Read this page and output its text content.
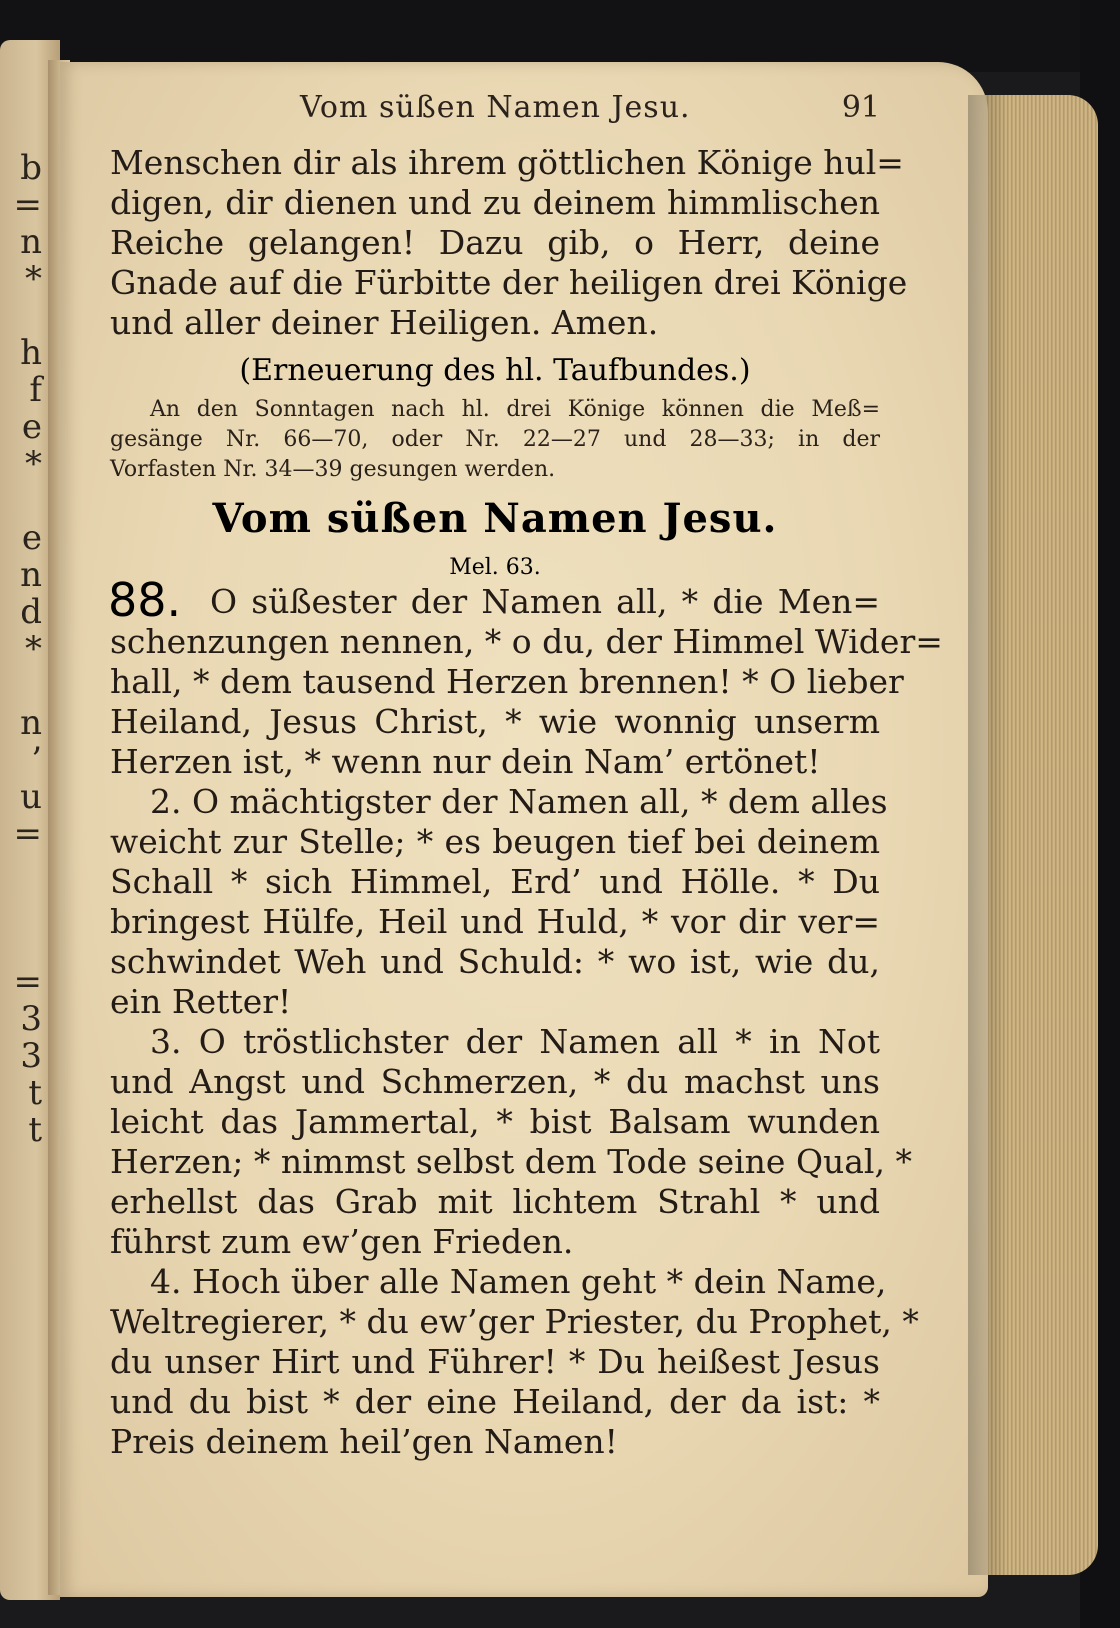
b
=
n
*
h
f
e
*
e
n
d
*
n
’
u
=
=
3
3
t
t
Vom süßen Namen Jesu.	91
Menschen dir als ihrem göttlichen Könige hul=
digen, dir dienen und zu deinem himmlischen
Reiche gelangen! Dazu gib, o Herr, deine
Gnade auf die Fürbitte der heiligen drei Könige
und aller deiner Heiligen. Amen.
(Erneuerung des hl. Taufbundes.)
An den Sonntagen nach hl. drei Könige können die Meß=
gesänge Nr. 66—70, oder Nr. 22—27 und 28—33; in der
Vorfasten Nr. 34—39 gesungen werden.
Vom süßen Namen Jesu.
Mel. 63.
88. O süßester der Namen all, * die Men=
schenzungen nennen, * o du, der Himmel Wider=
hall, * dem tausend Herzen brennen! * O lieber
Heiland, Jesus Christ, * wie wonnig unserm
Herzen ist, * wenn nur dein Nam’ ertönet!
2. O mächtigster der Namen all, * dem alles
weicht zur Stelle; * es beugen tief bei deinem
Schall * sich Himmel, Erd’ und Hölle. * Du
bringest Hülfe, Heil und Huld, * vor dir ver=
schwindet Weh und Schuld: * wo ist, wie du,
ein Retter!
3. O tröstlichster der Namen all * in Not
und Angst und Schmerzen, * du machst uns
leicht das Jammertal, * bist Balsam wunden
Herzen; * nimmst selbst dem Tode seine Qual, *
erhellst das Grab mit lichtem Strahl * und
führst zum ew’gen Frieden.
4. Hoch über alle Namen geht * dein Name,
Weltregierer, * du ew’ger Priester, du Prophet, *
du unser Hirt und Führer! * Du heißest Jesus
und du bist * der eine Heiland, der da ist: *
Preis deinem heil’gen Namen!
